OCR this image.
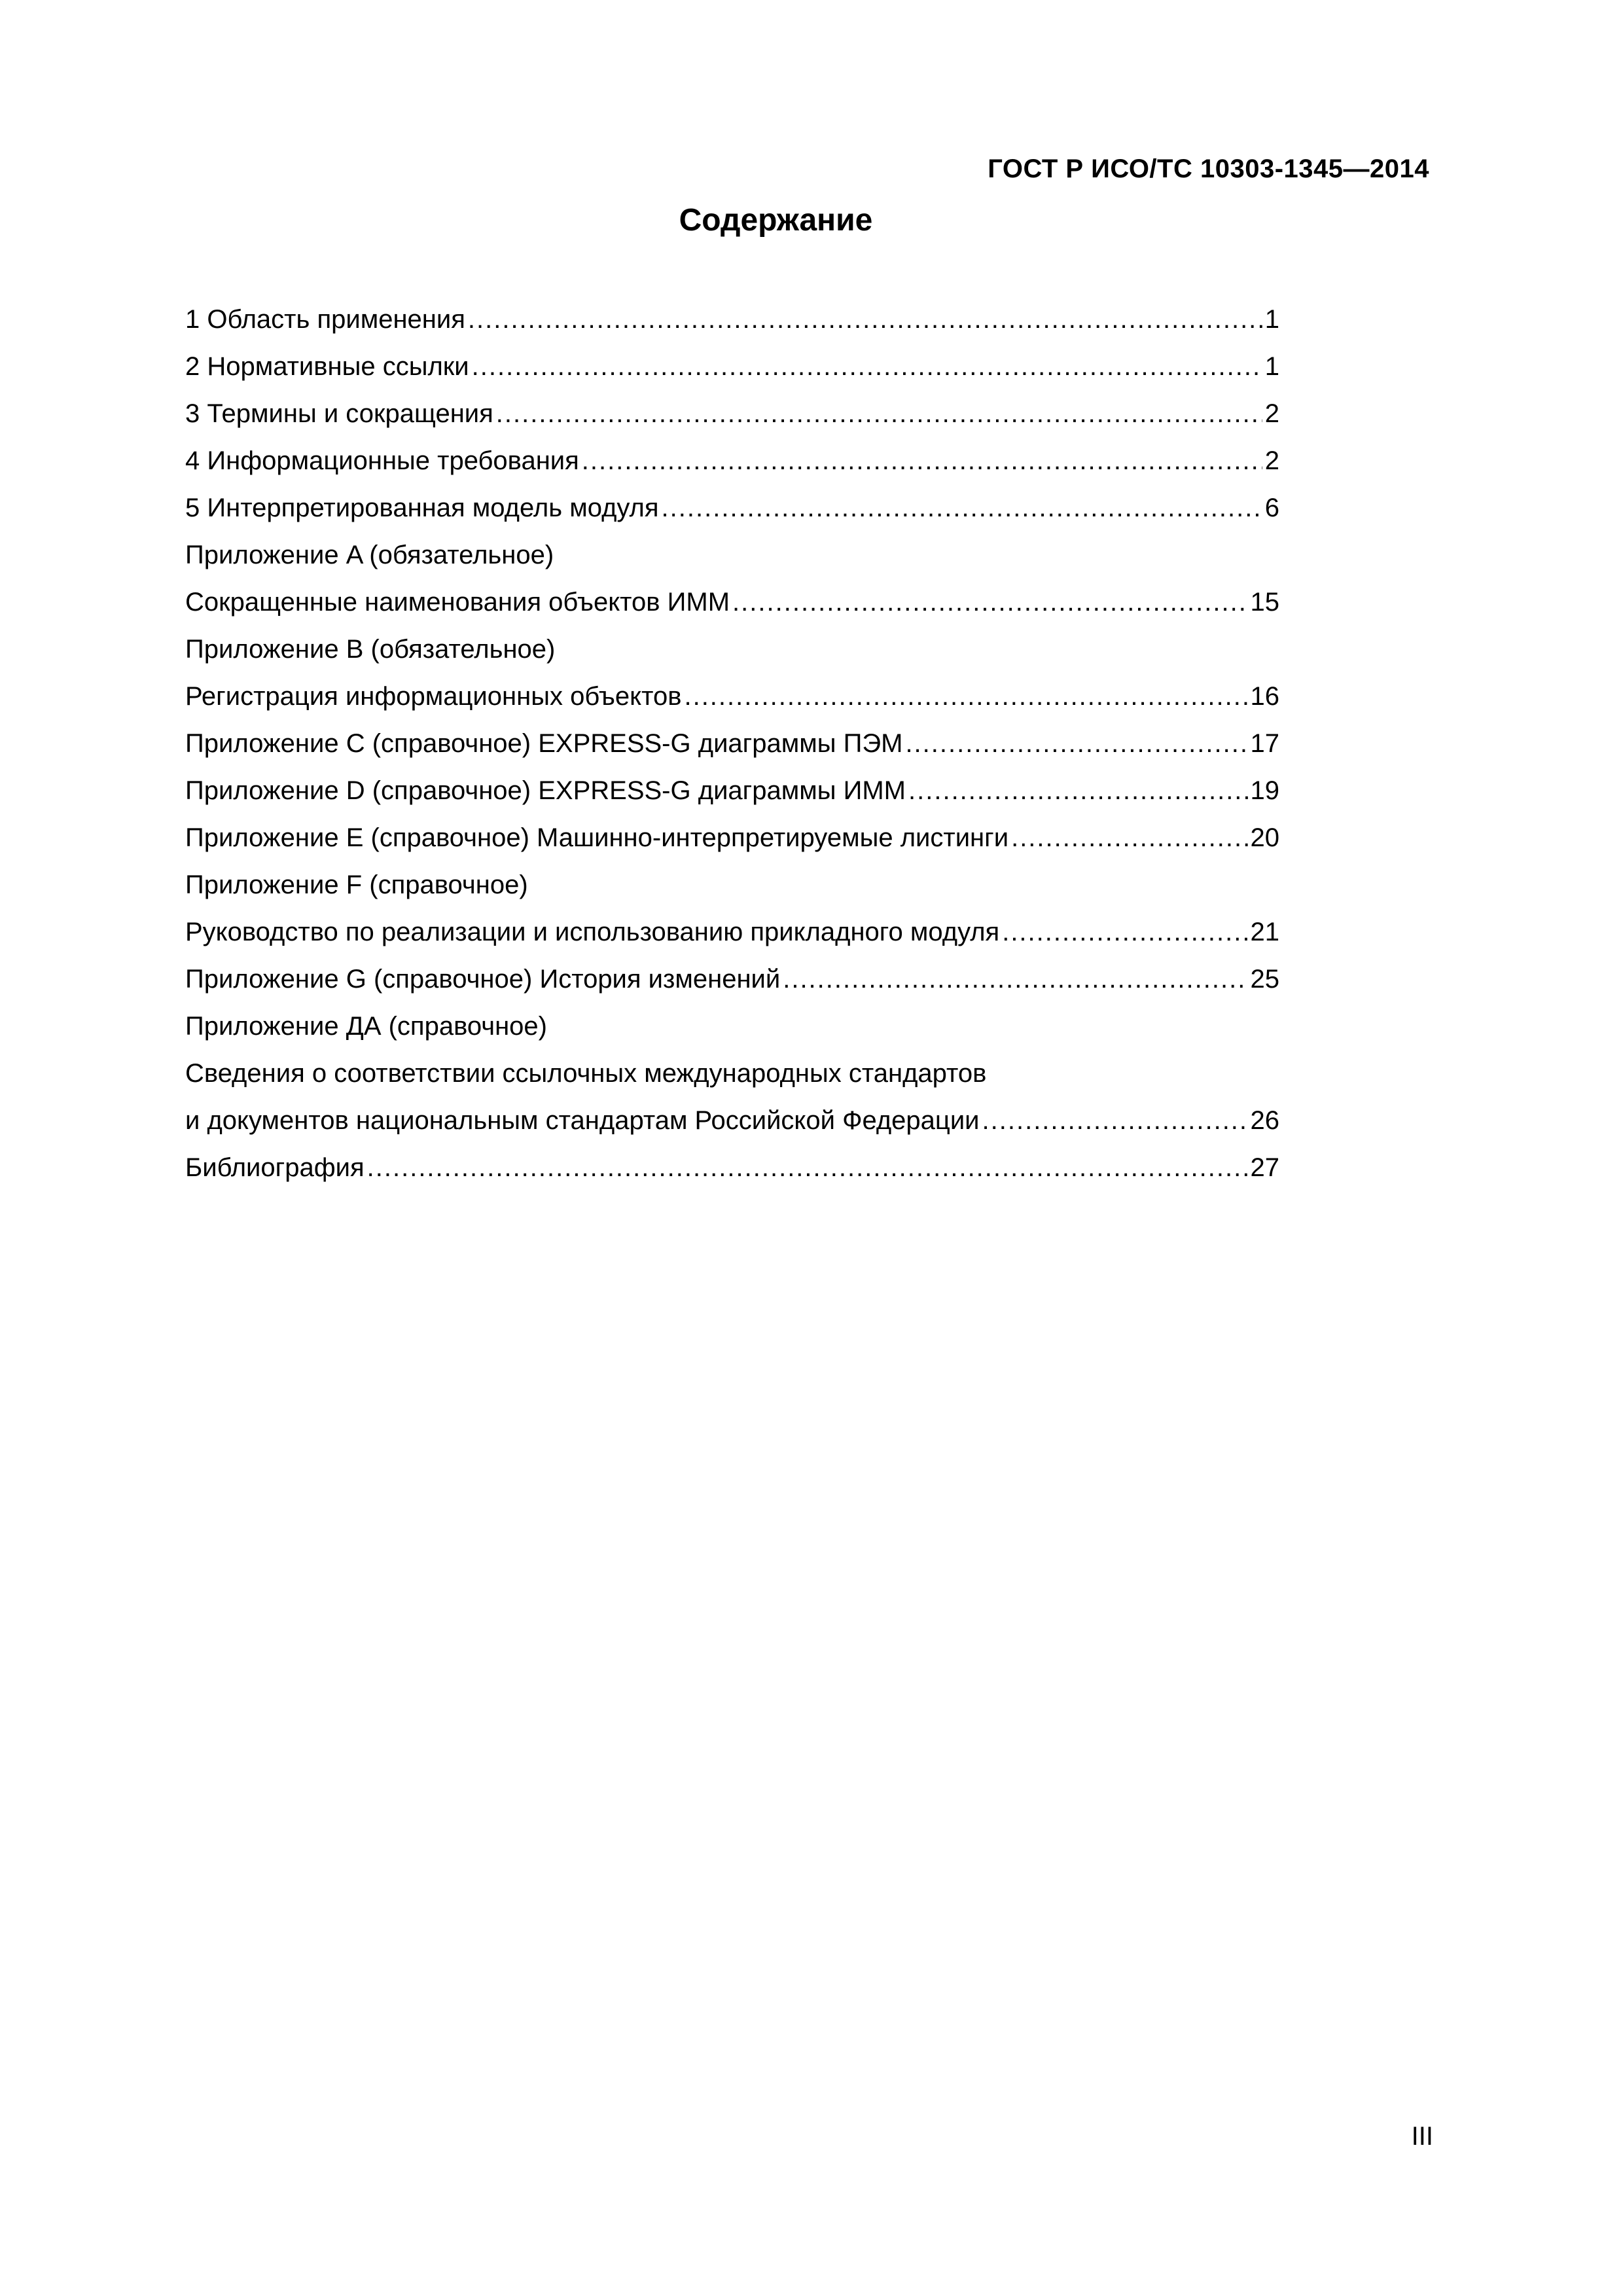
ГОСТ Р ИСО/ТС 10303-1345—2014
Содержание
1 Область применения .....	1
2 Нормативные ссылки .....	1
3 Термины и сокращения .....	2
4 Информационные требования .....	2
5 Интерпретированная модель модуля .....	6
Приложение A (обязательное)
Сокращенные наименования объектов ИММ .....	15
Приложение B (обязательное)
Регистрация информационных объектов .....	16
Приложение C (справочное) EXPRESS-G диаграммы ПЭМ .....	17
Приложение D (справочное) EXPRESS-G диаграммы ИММ .....	19
Приложение E (справочное) Машинно-интерпретируемые листинги .....	20
Приложение F (справочное)
Руководство по реализации и использованию прикладного модуля .....	21
Приложение G (справочное) История изменений .....	25
Приложение ДА (справочное)
Сведения о соответствии ссылочных международных стандартов
и документов национальным стандартам Российской Федерации .....	26
Библиография .....	27
III
